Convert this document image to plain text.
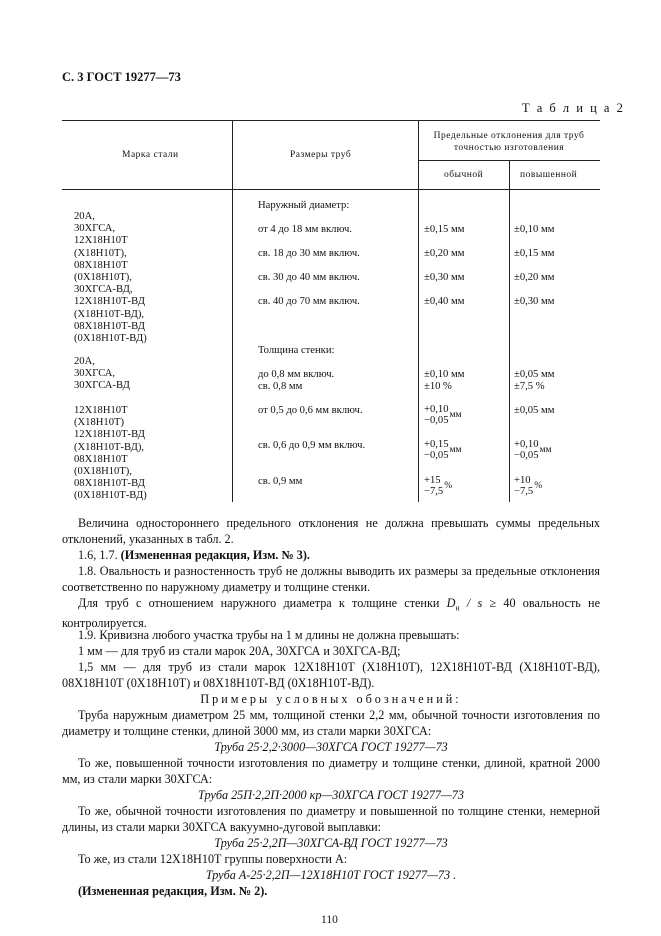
С. 3 ГОСТ 19277—73
Т а б л и ц а 2
Марка стали	Размеры труб
Предельные отклонения для труб точностью изготовления
обычной	повышенной
20А,
30ХГСА,
12Х18Н10Т
(Х18Н10Т),
08Х18Н10Т
(0Х18Н10Т),
30ХГСА-ВД,
12Х18Н10Т-ВД
(Х18Н10Т-ВД),
08Х18Н10Т-ВД
(0Х18Н10Т-ВД)
20А,
30ХГСА,
30ХГСА-ВД
12Х18Н10Т
(Х18Н10Т)
12Х18Н10Т-ВД
(Х18Н10Т-ВД),
08Х18Н10Т
(0Х18Н10Т),
08Х18Н10Т-ВД
(0Х18Н10Т-ВД)
Наружный диаметр:
от 4 до 18 мм включ.
св. 18 до 30 мм включ.
св. 30 до 40 мм включ.
св. 40 до 70 мм включ.
Толщина стенки:
до 0,8 мм включ.
св. 0,8 мм
от 0,5 до 0,6 мм включ.
св. 0,6 до 0,9 мм включ.
св. 0,9 мм
±0,15 мм
±0,20 мм
±0,30 мм
±0,40 мм
±0,10 мм
±10 %
+0,10
−0,05
мм
+0,15
−0,05
мм
+15
−7,5
%
±0,10 мм
±0,15 мм
±0,20 мм
±0,30 мм
±0,05 мм
±7,5 %
±0,05 мм
+0,10
−0,05
мм
+10
−7,5
%
Величина одностороннего предельного отклонения не должна превышать суммы предельных отклонений, указанных в табл. 2.
1.6, 1.7. (Измененная редакция, Изм. № 3).
1.8. Овальность и разностенность труб не должны выводить их размеры за предельные отклонения соответственно по наружному диаметру и толщине стенки.
Для труб с отношением наружного диаметра к толщине стенки $D_н / s \ge 40$ овальность не контролируется.
1.9. Кривизна любого участка трубы на 1 м длины не должна превышать:
1 мм — для труб из стали марок 20А, 30ХГСА и 30ХГСА-ВД;
1,5 мм — для труб из стали марок 12Х18Н10Т (Х18Н10Т), 12Х18Н10Т-ВД (Х18Н10Т-ВД), 08Х18Н10Т (0Х18Н10Т) и 08Х18Н10Т-ВД (0Х18Н10Т-ВД).
Примеры условных обозначений:
Труба наружным диаметром 25 мм, толщиной стенки 2,2 мм, обычной точности изготовления по диаметру и толщине стенки, длиной 3000 мм, из стали марки 30ХГСА:
Труба 25·2,2·3000—30ХГСА ГОСТ 19277—73
То же, повышенной точности изготовления по диаметру и толщине стенки, длиной, кратной 2000 мм, из стали марки 30ХГСА:
Труба 25П·2,2П·2000 кр—30ХГСА ГОСТ 19277—73
То же, обычной точности изготовления по диаметру и повышенной по толщине стенки, немерной длины, из стали марки 30ХГСА вакуумно-дуговой выплавки:
Труба 25·2,2П—30ХГСА-ВД ГОСТ 19277—73
То же, из стали 12Х18Н10Т группы поверхности А:
Труба А-25·2,2П—12Х18Н10Т ГОСТ 19277—73 .
(Измененная редакция, Изм. № 2).
110
